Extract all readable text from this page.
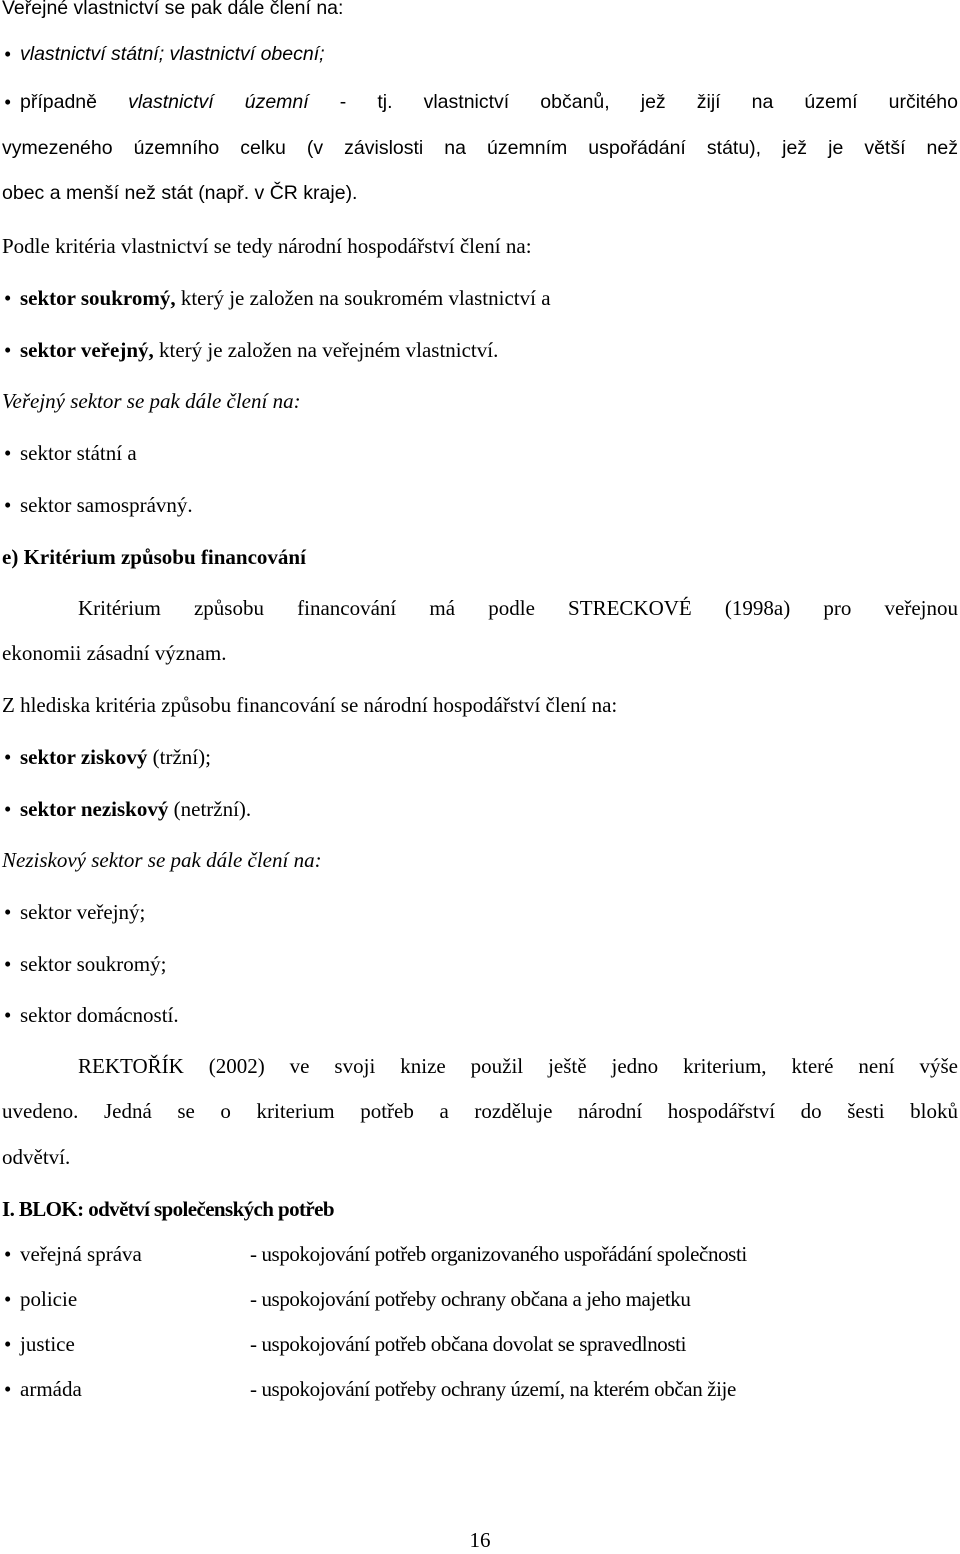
Veřejné vlastnictví se pak dále člení na:
• vlastnictví státní; vlastnictví obecní;
• případně vlastnictví územní - tj. vlastnictví občanů, jež žijí na území určitého
vymezeného územního celku (v závislosti na územním uspořádání státu), jež je větší než
obec a menší než stát (např. v ČR kraje).
Podle kritéria vlastnictví se tedy národní hospodářství člení na:
• sektor soukromý, který je založen na soukromém vlastnictví a
• sektor veřejný, který je založen na veřejném vlastnictví.
Veřejný sektor se pak dále člení na:
• sektor státní a
• sektor samosprávný.
e) Kritérium způsobu financování
Kritérium způsobu financování má podle STRECKOVÉ (1998a) pro veřejnou
ekonomii zásadní význam.
Z hlediska kritéria způsobu financování se národní hospodářství člení na:
• sektor ziskový (tržní);
• sektor neziskový (netržní).
Neziskový sektor se pak dále člení na:
• sektor veřejný;
• sektor soukromý;
• sektor domácností.
REKTOŘÍK (2002) ve svoji knize použil ještě jedno kriterium, které není výše
uvedeno. Jedná se o kriterium potřeb a rozděluje národní hospodářství do šesti bloků
odvětví.
I. BLOK: odvětví společenských potřeb
• veřejná správa	- uspokojování potřeb organizovaného uspořádání společnosti
• policie	- uspokojování potřeby ochrany občana a jeho majetku
• justice	- uspokojování potřeb občana dovolat se spravedlnosti
• armáda	- uspokojování potřeby ochrany území, na kterém občan žije
16
